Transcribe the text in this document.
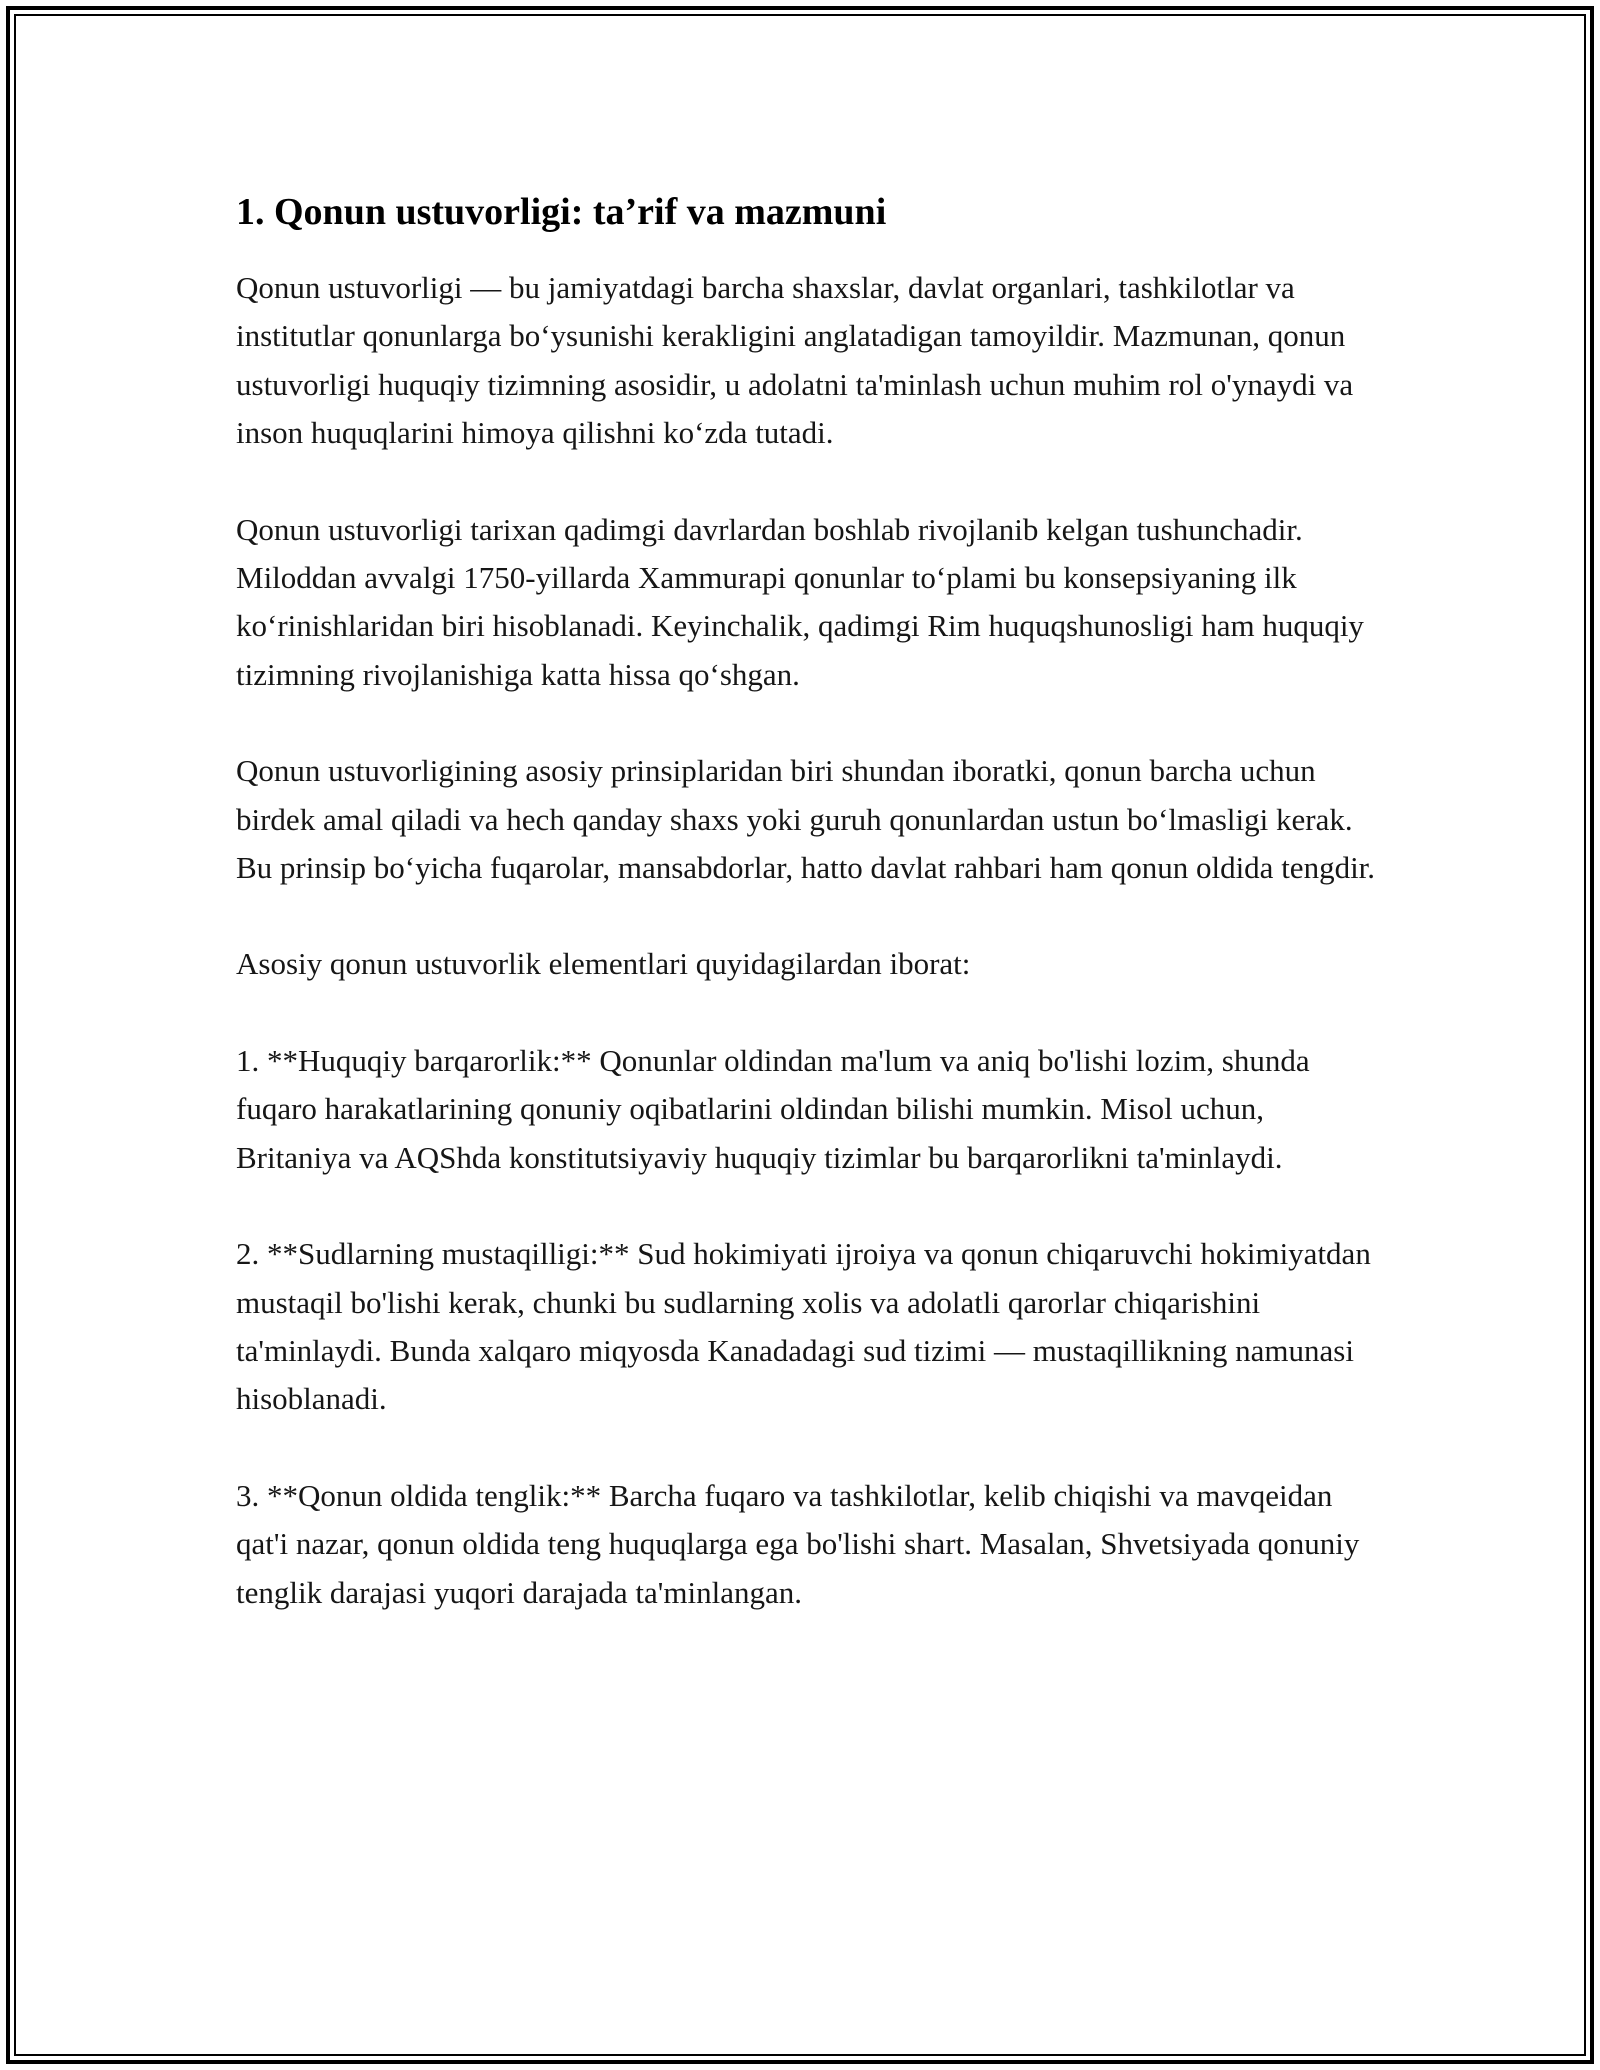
1. Qonun ustuvorligi: ta’rif va mazmuni

Qonun ustuvorligi — bu jamiyatdagi barcha shaxslar, davlat organlari, tashkilotlar va institutlar qonunlarga bo‘ysunishi kerakligini anglatadigan tamoyildir. Mazmunan, qonun ustuvorligi huquqiy tizimning asosidir, u adolatni ta'minlash uchun muhim rol o'ynaydi va inson huquqlarini himoya qilishni ko‘zda tutadi.

Qonun ustuvorligi tarixan qadimgi davrlardan boshlab rivojlanib kelgan tushunchadir. Miloddan avvalgi 1750-yillarda Xammurapi qonunlar to‘plami bu konsepsiyaning ilk ko‘rinishlaridan biri hisoblanadi. Keyinchalik, qadimgi Rim huquqshunosligi ham huquqiy tizimning rivojlanishiga katta hissa qo‘shgan.

Qonun ustuvorligining asosiy prinsiplaridan biri shundan iboratki, qonun barcha uchun birdek amal qiladi va hech qanday shaxs yoki guruh qonunlardan ustun bo‘lmasligi kerak. Bu prinsip bo‘yicha fuqarolar, mansabdorlar, hatto davlat rahbari ham qonun oldida tengdir.

Asosiy qonun ustuvorlik elementlari quyidagilardan iborat:

1. **Huquqiy barqarorlik:** Qonunlar oldindan ma'lum va aniq bo'lishi lozim, shunda fuqaro harakatlarining qonuniy oqibatlarini oldindan bilishi mumkin. Misol uchun, Britaniya va AQShda konstitutsiyaviy huquqiy tizimlar bu barqarorlikni ta'minlaydi.

2. **Sudlarning mustaqilligi:** Sud hokimiyati ijroiya va qonun chiqaruvchi hokimiyatdan mustaqil bo'lishi kerak, chunki bu sudlarning xolis va adolatli qarorlar chiqarishini ta'minlaydi. Bunda xalqaro miqyosda Kanadadagi sud tizimi — mustaqillikning namunasi hisoblanadi.

3. **Qonun oldida tenglik:** Barcha fuqaro va tashkilotlar, kelib chiqishi va mavqeidan qat'i nazar, qonun oldida teng huquqlarga ega bo'lishi shart. Masalan, Shvetsiyada qonuniy tenglik darajasi yuqori darajada ta'minlangan.
